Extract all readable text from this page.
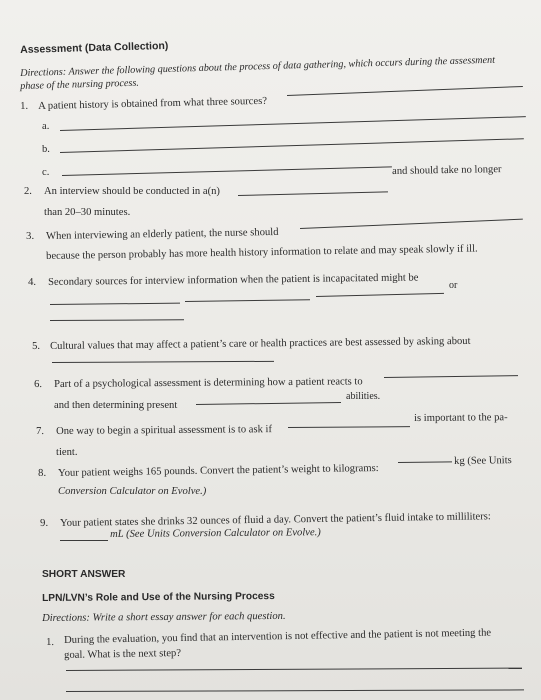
Assessment (Data Collection)
Directions: Answer the following questions about the process of data gathering, which occurs during the assessment
phase of the nursing process.
1. A patient history is obtained from what three sources?
a.
b.
c.	and should take no longer
2. An interview should be conducted in a(n)
than 20–30 minutes.
3. When interviewing an elderly patient, the nurse should
because the person probably has more health history information to relate and may speak slowly if ill.
4. Secondary sources for interview information when the patient is incapacitated might be	or
5. Cultural values that may affect a patient’s care or health practices are best assessed by asking about
6. Part of a psychological assessment is determining how a patient reacts to
and then determining present
abilities.
7. One way to begin a spiritual assessment is to ask if
is important to the pa-
tient.
8. Your patient weighs 165 pounds. Convert the patient’s weight to kilograms:
kg (See Units
Conversion Calculator on Evolve.)
9. Your patient states she drinks 32 ounces of fluid a day. Convert the patient’s fluid intake to milliliters:
mL (See Units Conversion Calculator on Evolve.)
SHORT ANSWER
LPN/LVN’s Role and Use of the Nursing Process
Directions: Write a short essay answer for each question.
1. During the evaluation, you find that an intervention is not effective and the patient is not meeting the
goal. What is the next step?
